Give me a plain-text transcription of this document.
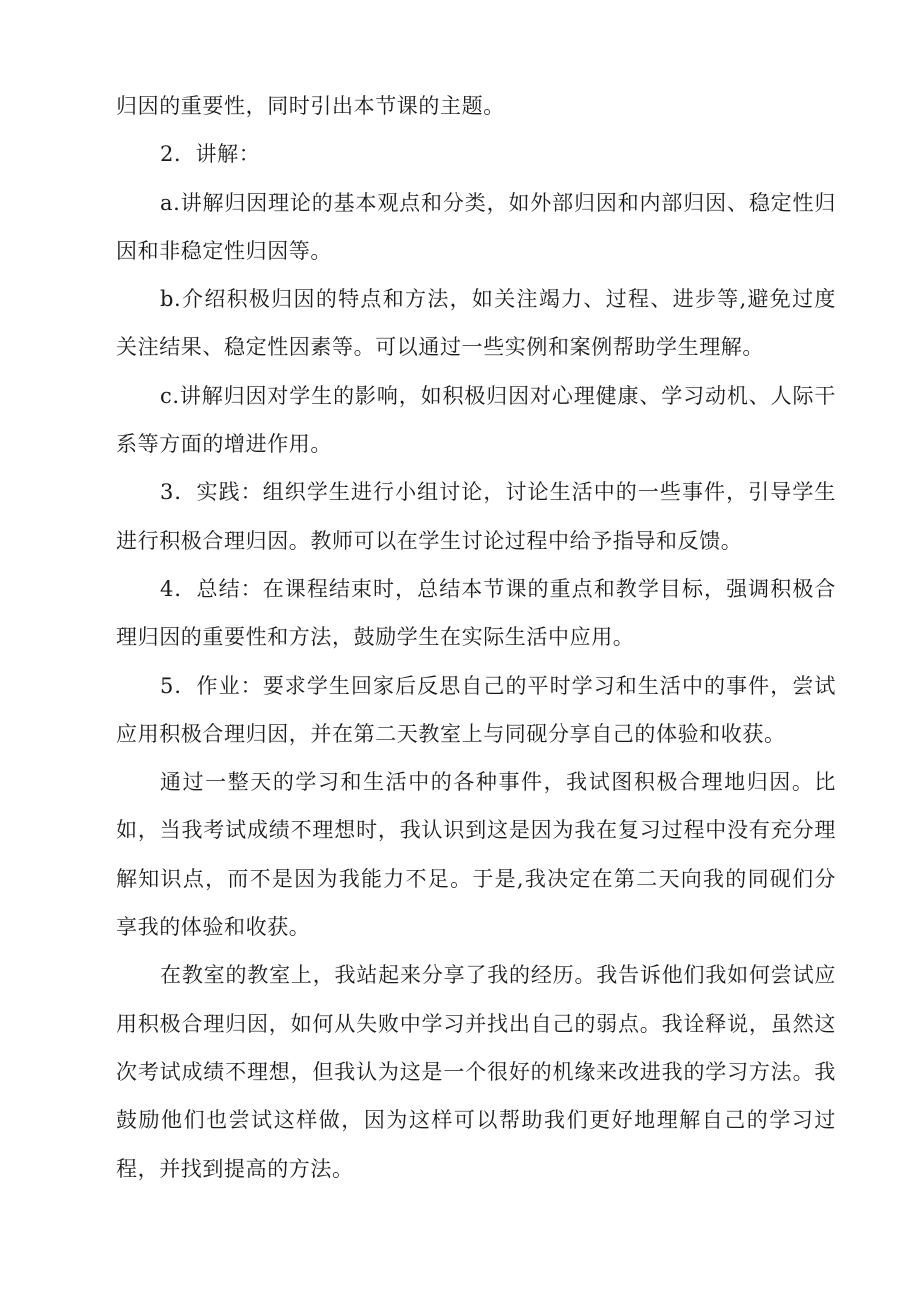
归因的重要性，同时引出本节课的主题。

2．讲解：

a.讲解归因理论的基本观点和分类，如外部归因和内部归因、稳定性归因和非稳定性归因等。

b.介绍积极归因的特点和方法，如关注竭力、过程、进步等,避免过度关注结果、稳定性因素等。可以通过一些实例和案例帮助学生理解。

c.讲解归因对学生的影响，如积极归因对心理健康、学习动机、人际干系等方面的增进作用。

3．实践：组织学生进行小组讨论，讨论生活中的一些事件，引导学生进行积极合理归因。教师可以在学生讨论过程中给予指导和反馈。

4．总结：在课程结束时，总结本节课的重点和教学目标，强调积极合理归因的重要性和方法，鼓励学生在实际生活中应用。

5．作业：要求学生回家后反思自己的平时学习和生活中的事件，尝试应用积极合理归因，并在第二天教室上与同砚分享自己的体验和收获。

通过一整天的学习和生活中的各种事件，我试图积极合理地归因。比如，当我考试成绩不理想时，我认识到这是因为我在复习过程中没有充分理解知识点，而不是因为我能力不足。于是,我决定在第二天向我的同砚们分享我的体验和收获。

在教室的教室上，我站起来分享了我的经历。我告诉他们我如何尝试应用积极合理归因，如何从失败中学习并找出自己的弱点。我诠释说，虽然这次考试成绩不理想，但我认为这是一个很好的机缘来改进我的学习方法。我鼓励他们也尝试这样做，因为这样可以帮助我们更好地理解自己的学习过程，并找到提高的方法。
